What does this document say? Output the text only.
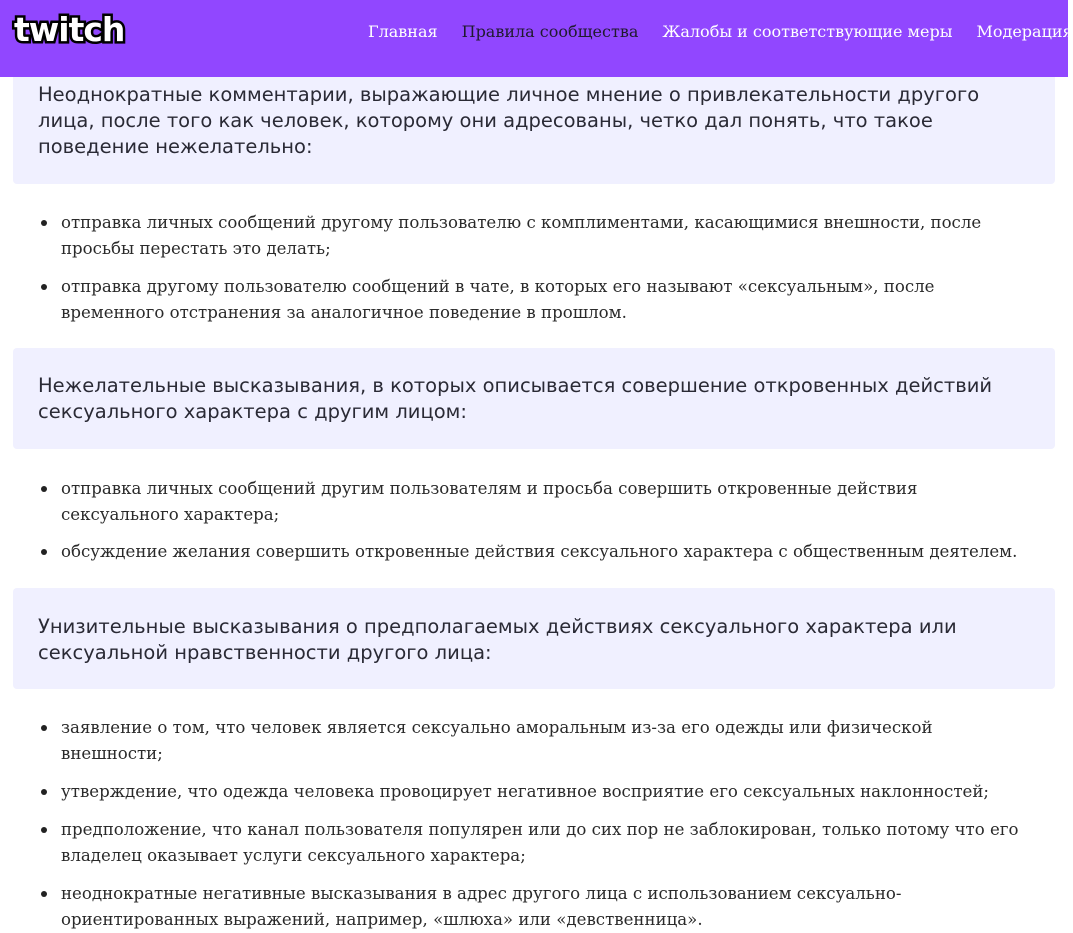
twitch	Главная Правила сообщества Жалобы и соответствующие меры Модерация

Неоднократные комментарии, выражающие личное мнение о привлекательности другого лица, после того как человек, которому они адресованы, четко дал понять, что такое поведение нежелательно:

отправка личных сообщений другому пользователю с комплиментами, касающимися внешности, после просьбы перестать это делать;
отправка другому пользователю сообщений в чате, в которых его называют «сексуальным», после временного отстранения за аналогичное поведение в прошлом.

Нежелательные высказывания, в которых описывается совершение откровенных действий сексуального характера с другим лицом:

отправка личных сообщений другим пользователям и просьба совершить откровенные действия сексуального характера;
обсуждение желания совершить откровенные действия сексуального характера с общественным деятелем.

Унизительные высказывания о предполагаемых действиях сексуального характера или сексуальной нравственности другого лица:

заявление о том, что человек является сексуально аморальным из-за его одежды или физической внешности;
утверждение, что одежда человека провоцирует негативное восприятие его сексуальных наклонностей;
предположение, что канал пользователя популярен или до сих пор не заблокирован, только потому что его владелец оказывает услуги сексуального характера;
неоднократные негативные высказывания в адрес другого лица с использованием сексуально-ориентированных выражений, например, «шлюха» или «девственница».
